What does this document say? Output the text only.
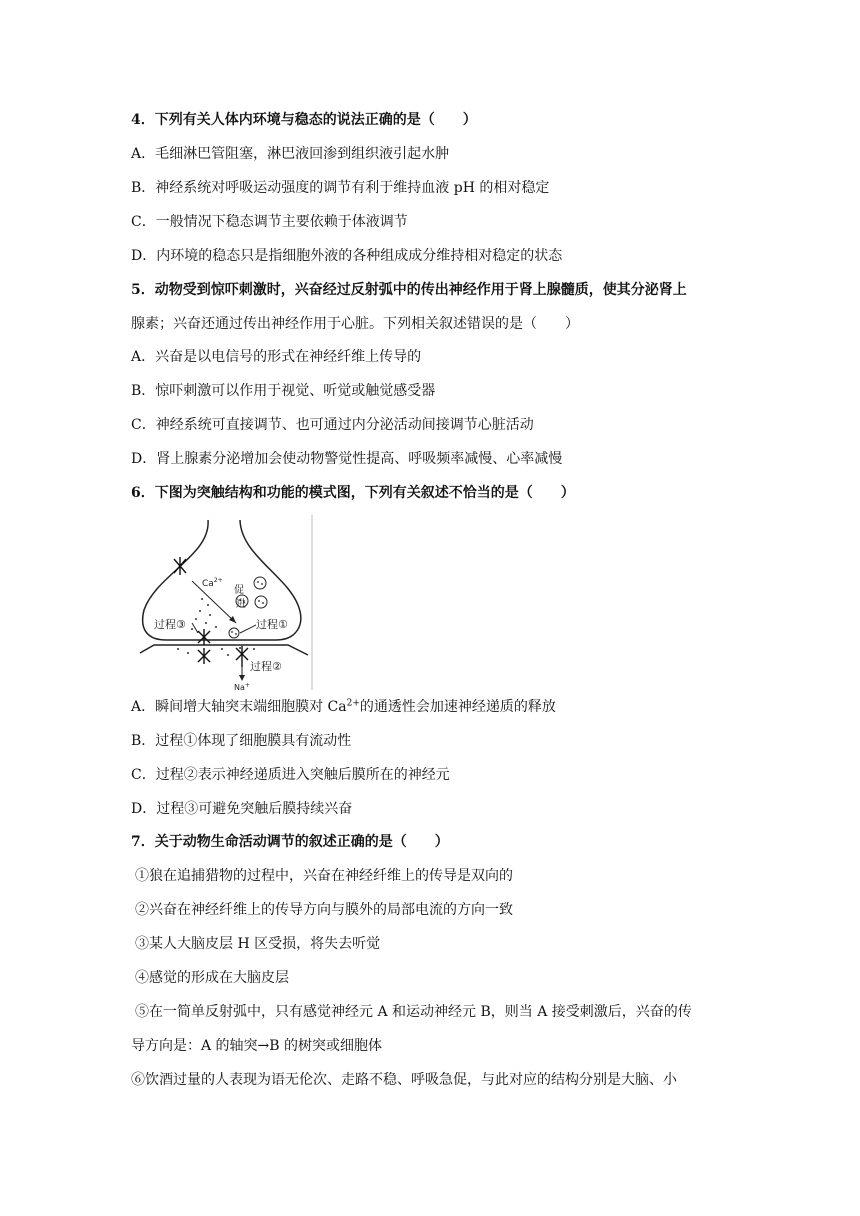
4．下列有关人体内环境与稳态的说法正确的是（　　）
A．毛细淋巴管阻塞，淋巴液回渗到组织液引起水肿
B．神经系统对呼吸运动强度的调节有利于维持血液 pH 的相对稳定
C．一般情况下稳态调节主要依赖于体液调节
D．内环境的稳态只是指细胞外液的各种组成成分维持相对稳定的状态
5．动物受到惊吓刺激时，兴奋经过反射弧中的传出神经作用于肾上腺髓质，使其分泌肾上
腺素；兴奋还通过传出神经作用于心脏。下列相关叙述错误的是（　　）
A．兴奋是以电信号的形式在神经纤维上传导的
B．惊吓刺激可以作用于视觉、听觉或触觉感受器
C．神经系统可直接调节、也可通过内分泌活动间接调节心脏活动
D．肾上腺素分泌增加会使动物警觉性提高、呼吸频率减慢、心率减慢
6．下图为突触结构和功能的模式图，下列有关叙述不恰当的是（　　）
$Ca^{2+}$
促
进
过程①
过程③
过程②
Na+
A．瞬间增大轴突末端细胞膜对 $Ca^{2+}$的通透性会加速神经递质的释放
B．过程①体现了细胞膜具有流动性
C．过程②表示神经递质进入突触后膜所在的神经元
D．过程③可避免突触后膜持续兴奋
7．关于动物生命活动调节的叙述正确的是（　　）
①狼在追捕猎物的过程中，兴奋在神经纤维上的传导是双向的
②兴奋在神经纤维上的传导方向与膜外的局部电流的方向一致
③某人大脑皮层 H 区受损，将失去听觉
④感觉的形成在大脑皮层
⑤在一简单反射弧中，只有感觉神经元 A 和运动神经元 B，则当 A 接受刺激后，兴奋的传
导方向是：A 的轴突→B 的树突或细胞体
⑥饮酒过量的人表现为语无伦次、走路不稳、呼吸急促，与此对应的结构分别是大脑、小
